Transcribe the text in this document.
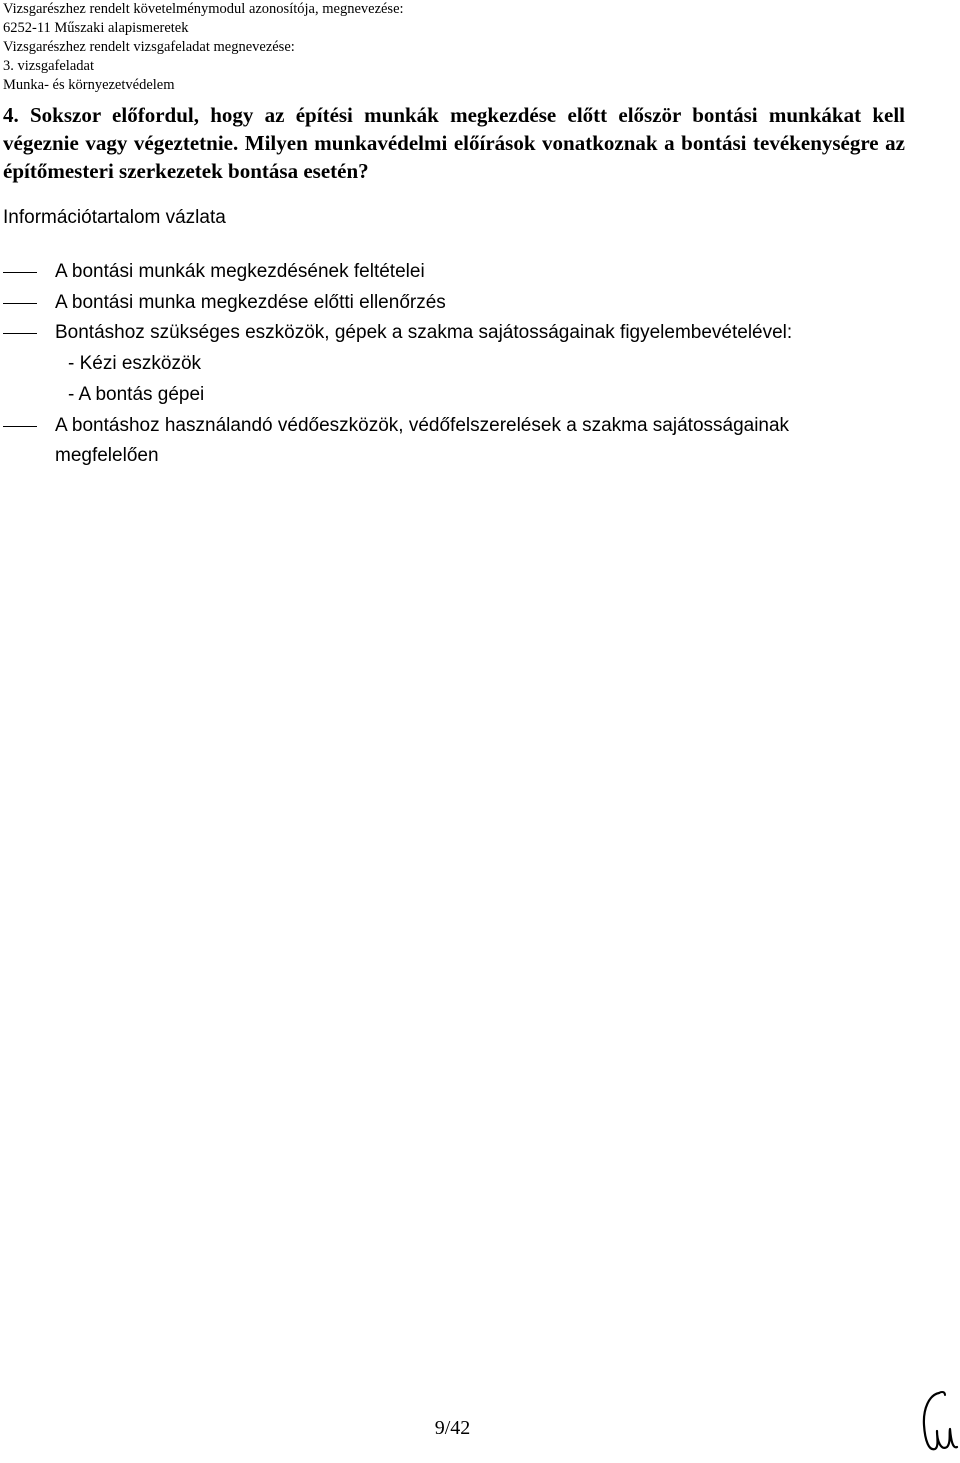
Vizsgarészhez rendelt követelménymodul azonosítója, megnevezése:
6252-11 Műszaki alapismeretek
Vizsgarészhez rendelt vizsgafeladat megnevezése:
3. vizsgafeladat
Munka- és környezetvédelem
4. Sokszor előfordul, hogy az építési munkák megkezdése előtt először bontási munkákat kell végeznie vagy végeztetnie. Milyen munkavédelmi előírások vonatkoznak a bontási tevékenységre az építőmesteri szerkezetek bontása esetén?
Információtartalom vázlata
A bontási munkák megkezdésének feltételei
A bontási munka megkezdése előtti ellenőrzés
Bontáshoz szükséges eszközök, gépek a szakma sajátosságainak figyelembevételével:
- Kézi eszközök
- A bontás gépei
A bontáshoz használandó védőeszközök, védőfelszerelések a szakma sajátosságainak megfelelően
9/42
